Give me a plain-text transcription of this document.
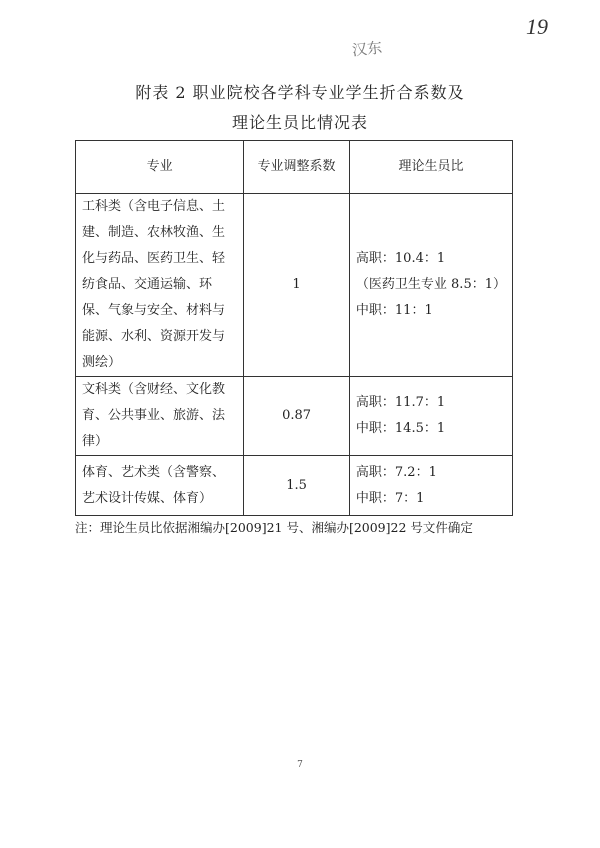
19
汉东
附表 2 职业院校各学科专业学生折合系数及
理论生员比情况表
专业	专业调整系数	理论生员比
工科类（含电子信息、土建、制造、农林牧渔、生化与药品、医药卫生、轻纺食品、交通运输、环保、气象与安全、材料与能源、水利、资源开发与测绘）	1	高职：10.4：1
（医药卫生专业 8.5：1）
中职：11：1

文科类（含财经、文化教育、公共事业、旅游、法律）	0.87	高职：11.7：1
中职：14.5：1

体育、艺术类（含警察、艺术设计传媒、体育）	1.5	高职：7.2：1
中职：7：1
注：理论生员比依据湘编办[2009]21 号、湘编办[2009]22 号文件确定
7
